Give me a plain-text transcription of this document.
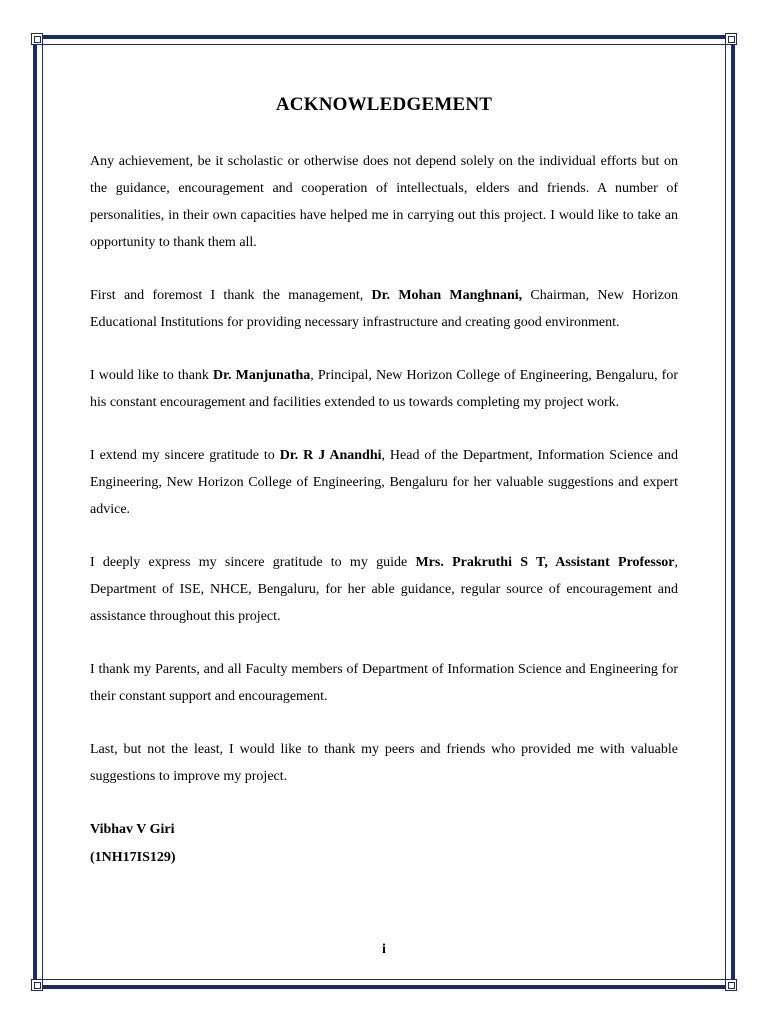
ACKNOWLEDGEMENT

Any achievement, be it scholastic or otherwise does not depend solely on the individual efforts but on the guidance, encouragement and cooperation of intellectuals, elders and friends. A number of personalities, in their own capacities have helped me in carrying out this project. I would like to take an opportunity to thank them all.

First and foremost I thank the management, Dr. Mohan Manghnani, Chairman, New Horizon Educational Institutions for providing necessary infrastructure and creating good environment.

I would like to thank Dr. Manjunatha, Principal, New Horizon College of Engineering, Bengaluru, for his constant encouragement and facilities extended to us towards completing my project work.

I extend my sincere gratitude to Dr. R J Anandhi, Head of the Department, Information Science and Engineering, New Horizon College of Engineering, Bengaluru for her valuable suggestions and expert advice.

I deeply express my sincere gratitude to my guide Mrs. Prakruthi S T, Assistant Professor, Department of ISE, NHCE, Bengaluru, for her able guidance, regular source of encouragement and assistance throughout this project.

I thank my Parents, and all Faculty members of Department of Information Science and Engineering for their constant support and encouragement.

Last, but not the least, I would like to thank my peers and friends who provided me with valuable suggestions to improve my project.

Vibhav V Giri
(1NH17IS129)
i
